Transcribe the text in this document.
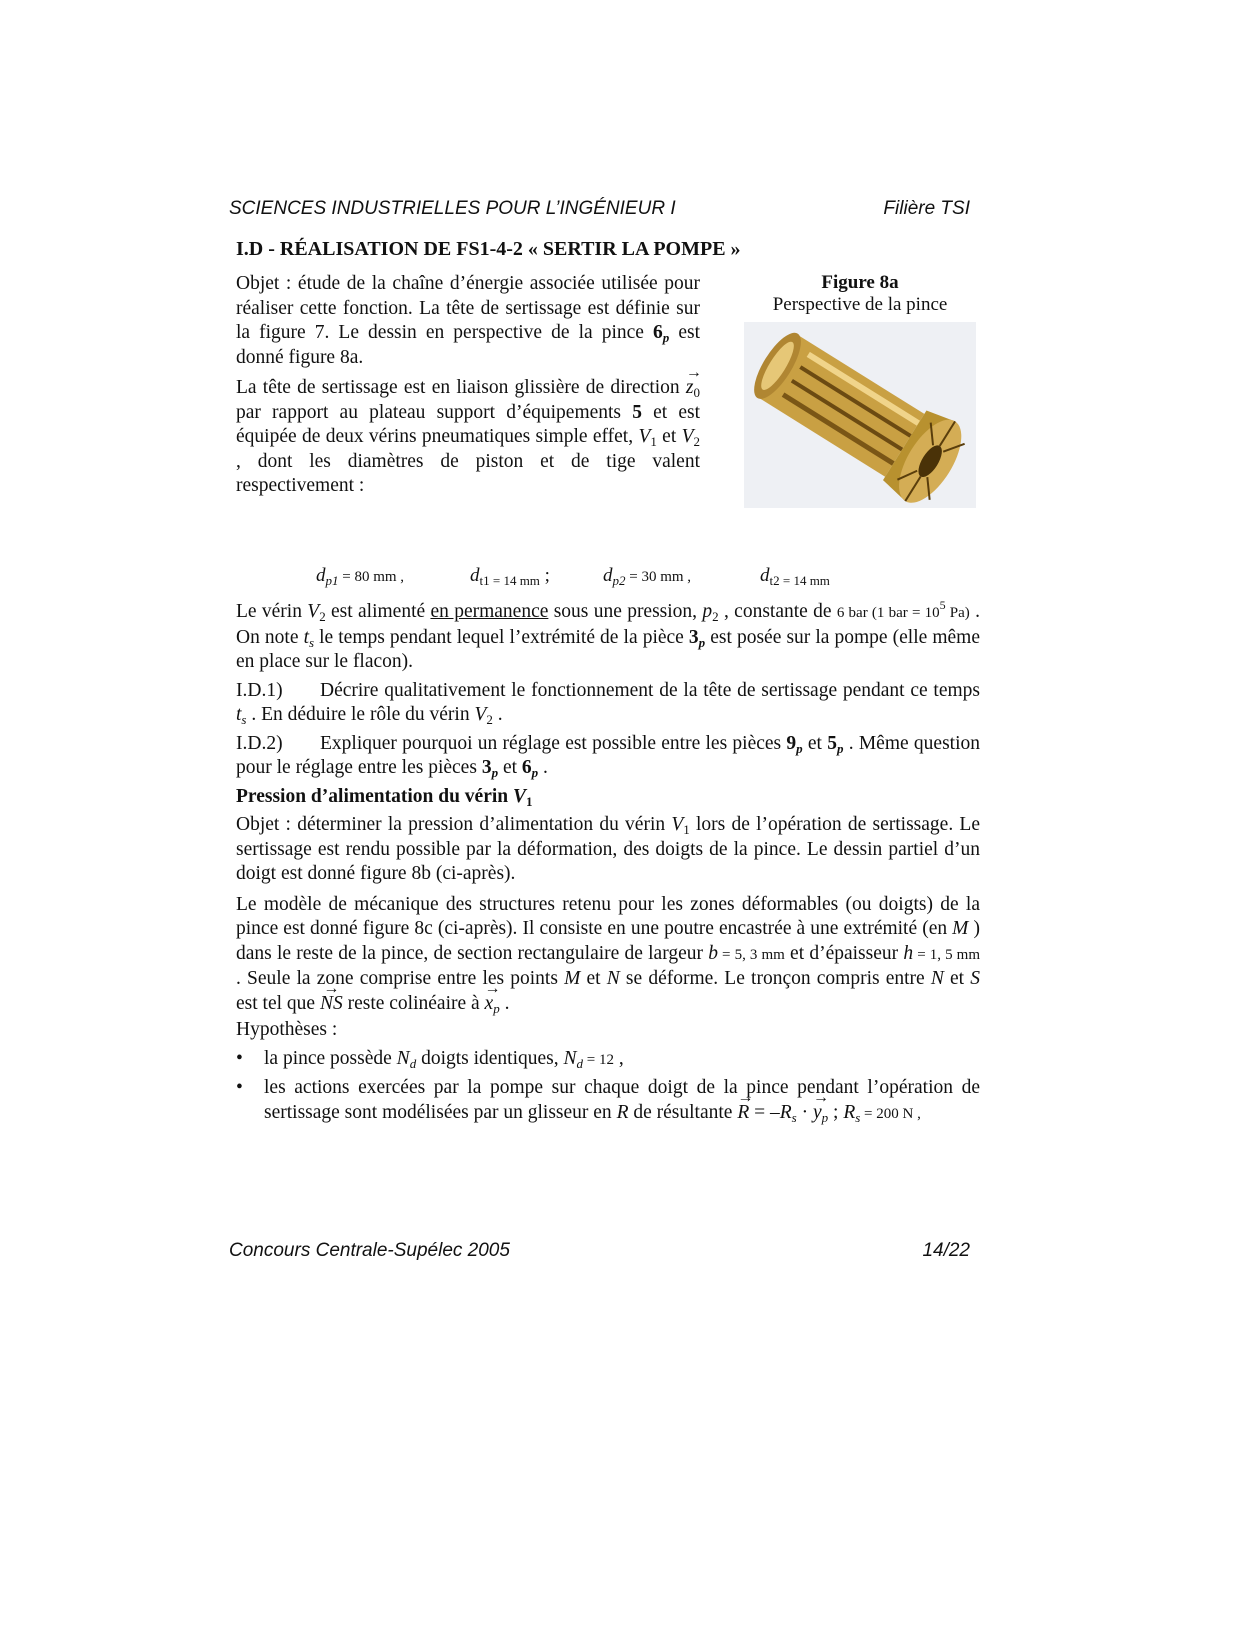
SCIENCES INDUSTRIELLES POUR L’INGÉNIEUR I	Filière TSI
I.D - RÉALISATION DE FS1-4-2 « SERTIR LA POMPE »

Objet : étude de la chaîne d’énergie associée utilisée pour réaliser cette fonction. La tête de sertissage est définie sur la figure 7. Le dessin en perspective de la pince $6_p$ est donné figure 8a.

La tête de sertissage est en liaison glissière de direction → $z_0$ par rapport au plateau support d’équipements 5 et est équipée de deux vérins pneumatiques simple effet, $V_1$ et $V_2$ , dont les diamètres de piston et de tige valent respectivement :

Figure 8a
Perspective de la pince
$d_{p1} = 80$ mm ,	$d_{t1 = 14 mm}$ ;	$d_{p2} = 30$ mm ,	$d_{t2 = 14 mm}$

Le vérin $V_2$ est alimenté en permanence sous une pression, $p_2$ , constante de 6 bar (1 bar = $10^5$ Pa) . On note $t_s$ le temps pendant lequel l’extrémité de la pièce $3_p$ est posée sur la pompe (elle même en place sur le flacon).

I.D.1) Décrire qualitativement le fonctionnement de la tête de sertissage pendant ce temps $t_s$ . En déduire le rôle du vérin $V_2$ .

I.D.2) Expliquer pourquoi un réglage est possible entre les pièces $9_p$ et $5_p$ . Même question pour le réglage entre les pièces $3_p$ et $6_p$ .

Pression d’alimentation du vérin $V_1$

Objet : déterminer la pression d’alimentation du vérin $V_1$ lors de l’opération de sertissage. Le sertissage est rendu possible par la déformation, des doigts de la pince. Le dessin partiel d’un doigt est donné figure 8b (ci-après).

Le modèle de mécanique des structures retenu pour les zones déformables (ou doigts) de la pince est donné figure 8c (ci-après). Il consiste en une poutre encastrée à une extrémité (en M ) dans le reste de la pince, de section rectangulaire de largeur b = 5, 3 mm et d’épaisseur h = 1, 5 mm . Seule la zone comprise entre les points M et N se déforme. Le tronçon compris entre N et S est tel que → NS reste colinéaire à → $x_p$ .

Hypothèses :

• la pince possède $N_d$ doigts identiques, $N_d = 12$ ,
• les actions exercées par la pompe sur chaque doigt de la pince pendant l’opération de sertissage sont modélisées par un glisseur en R de résultante → $R = -R_s$ · → $y_p$ ; $R_s = 200$ N ,
Concours Centrale-Supélec 2005	14/22
